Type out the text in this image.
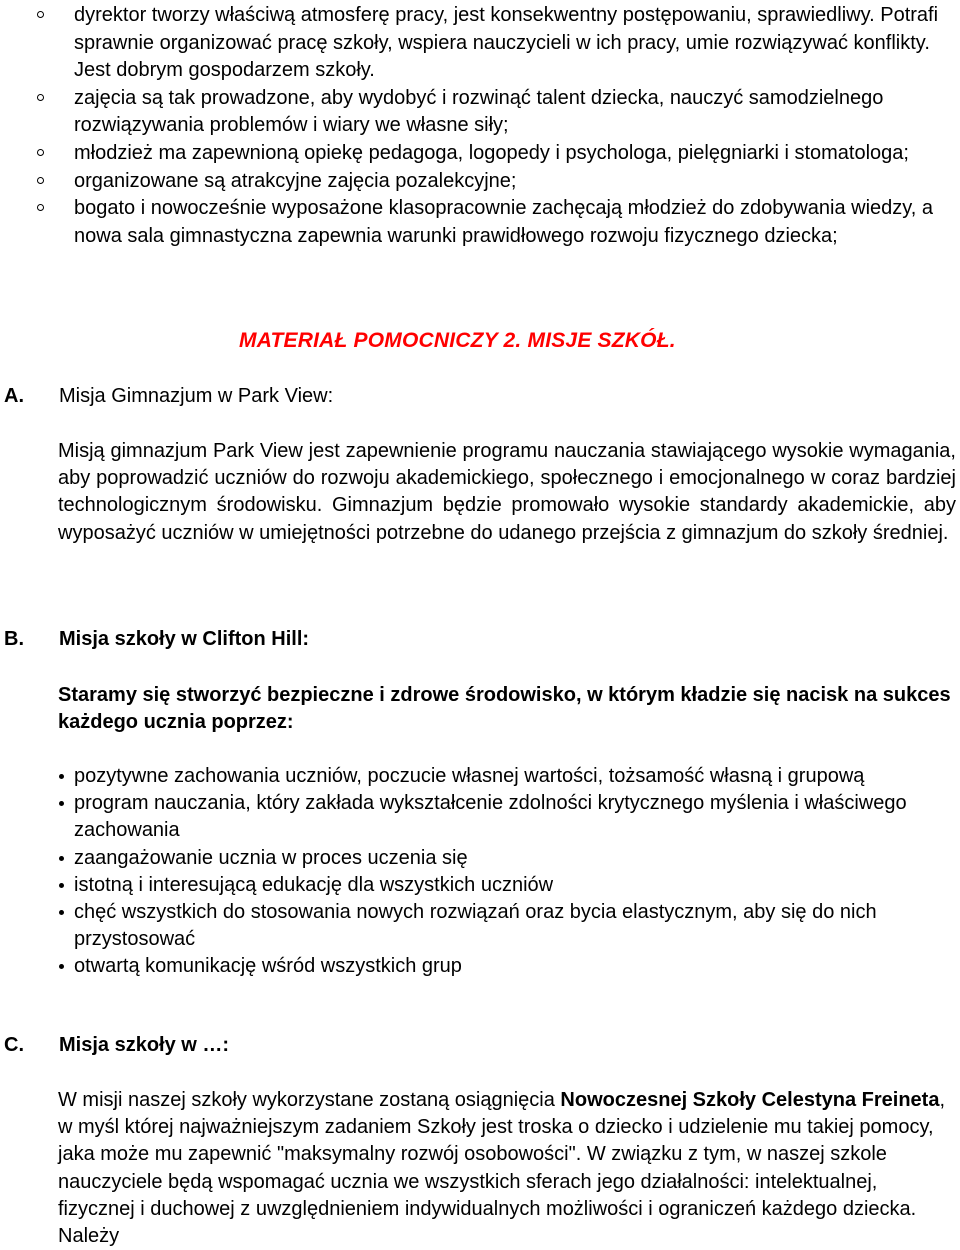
dyrektor tworzy właściwą atmosferę pracy, jest konsekwentny postępowaniu, sprawiedliwy. Potrafi sprawnie organizować pracę szkoły, wspiera nauczycieli w ich pracy, umie rozwiązywać konflikty. Jest dobrym gospodarzem szkoły.
zajęcia są tak prowadzone, aby wydobyć i rozwinąć talent dziecka, nauczyć samodzielnego rozwiązywania problemów i wiary we własne siły;
młodzież ma zapewnioną opiekę pedagoga, logopedy i psychologa, pielęgniarki i stomatologa;
organizowane są atrakcyjne zajęcia pozalekcyjne;
bogato i nowocześnie wyposażone klasopracownie zachęcają młodzież do zdobywania wiedzy, a nowa sala gimnastyczna zapewnia warunki prawidłowego rozwoju fizycznego dziecka;
MATERIAŁ POMOCNICZY 2. MISJE SZKÓŁ.
A. Misja Gimnazjum w Park View:
Misją gimnazjum Park View jest zapewnienie programu nauczania stawiającego wysokie wymagania, aby poprowadzić uczniów do rozwoju akademickiego, społecznego i emocjonalnego w coraz bardziej technologicznym środowisku. Gimnazjum będzie promowało wysokie standardy akademickie, aby wyposażyć uczniów w umiejętności potrzebne do udanego przejścia z gimnazjum do szkoły średniej.
B. Misja szkoły w Clifton Hill:
Staramy się stworzyć bezpieczne i zdrowe środowisko, w którym kładzie się nacisk na sukces każdego ucznia poprzez:
pozytywne zachowania uczniów, poczucie własnej wartości, tożsamość własną i grupową
program nauczania, który zakłada wykształcenie zdolności krytycznego myślenia i właściwego zachowania
zaangażowanie ucznia w proces uczenia się
istotną i interesującą edukację dla wszystkich uczniów
chęć wszystkich do stosowania nowych rozwiązań oraz bycia elastycznym, aby się do nich przystosować
otwartą komunikację wśród wszystkich grup
C. Misja szkoły w …:
W misji naszej szkoły wykorzystane zostaną osiągnięcia Nowoczesnej Szkoły Celestyna Freineta, w myśl której najważniejszym zadaniem Szkoły jest troska o dziecko i udzielenie mu takiej pomocy, jaka może mu zapewnić "maksymalny rozwój osobowości". W związku z tym, w naszej szkole nauczyciele będą wspomagać ucznia we wszystkich sferach jego działalności: intelektualnej, fizycznej i duchowej z uwzględnieniem indywidualnych możliwości i ograniczeń każdego dziecka. Należy
